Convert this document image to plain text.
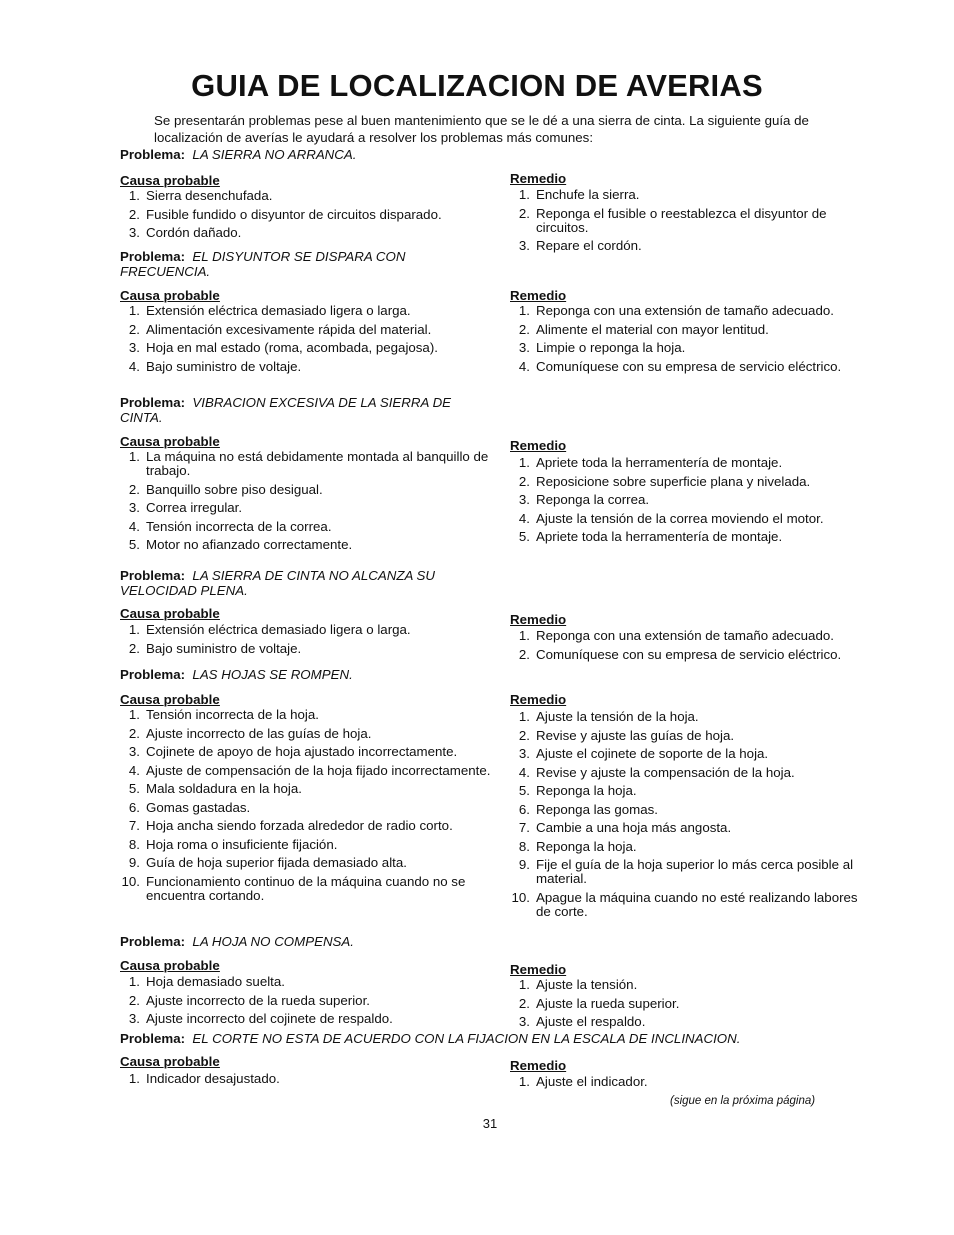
GUIA DE LOCALIZACION DE AVERIAS
Se presentarán problemas pese al buen mantenimiento que se le dé a una sierra de cinta. La siguiente guía de localización de averías le ayudará a resolver los problemas más comunes:
Problema: LA SIERRA NO ARRANCA.
Causa probable
1. Sierra desenchufada.
2. Fusible fundido o disyuntor de circuitos disparado.
3. Cordón dañado.
Remedio
1. Enchufe la sierra.
2. Reponga el fusible o reestablezca el disyuntor de circuitos.
3. Repare el cordón.
Problema: EL DISYUNTOR SE DISPARA CON FRECUENCIA.
Causa probable
1. Extensión eléctrica demasiado ligera o larga.
2. Alimentación excesivamente rápida del material.
3. Hoja en mal estado (roma, acombada, pegajosa).
4. Bajo suministro de voltaje.
Remedio
1. Reponga con una extensión de tamaño adecuado.
2. Alimente el material con mayor lentitud.
3. Limpie o reponga la hoja.
4. Comuníquese con su empresa de servicio eléctrico.
Problema: VIBRACION EXCESIVA DE LA SIERRA DE CINTA.
Causa probable
1. La máquina no está debidamente montada al banquillo de trabajo.
2. Banquillo sobre piso desigual.
3. Correa irregular.
4. Tensión incorrecta de la correa.
5. Motor no afianzado correctamente.
Remedio
1. Apriete toda la herramentería de montaje.
2. Reposicione sobre superficie plana y nivelada.
3. Reponga la correa.
4. Ajuste la tensión de la correa moviendo el motor.
5. Apriete toda la herramentería de montaje.
Problema: LA SIERRA DE CINTA NO ALCANZA SU VELOCIDAD PLENA.
Causa probable
1. Extensión eléctrica demasiado ligera o larga.
2. Bajo suministro de voltaje.
Remedio
1. Reponga con una extensión de tamaño adecuado.
2. Comuníquese con su empresa de servicio eléctrico.
Problema: LAS HOJAS SE ROMPEN.
Causa probable
1. Tensión incorrecta de la hoja.
2. Ajuste incorrecto de las guías de hoja.
3. Cojinete de apoyo de hoja ajustado incorrectamente.
4. Ajuste de compensación de la hoja fijado incorrectamente.
5. Mala soldadura en la hoja.
6. Gomas gastadas.
7. Hoja ancha siendo forzada alrededor de radio corto.
8. Hoja roma o insuficiente fijación.
9. Guía de hoja superior fijada demasiado alta.
10. Funcionamiento continuo de la máquina cuando no se encuentra cortando.
Remedio
1. Ajuste la tensión de la hoja.
2. Revise y ajuste las guías de hoja.
3. Ajuste el cojinete de soporte de la hoja.
4. Revise y ajuste la compensación de la hoja.
5. Reponga la hoja.
6. Reponga las gomas.
7. Cambie a una hoja más angosta.
8. Reponga la hoja.
9. Fije el guía de la hoja superior lo más cerca posible al material.
10. Apague la máquina cuando no esté realizando labores de corte.
Problema: LA HOJA NO COMPENSA.
Causa probable
1. Hoja demasiado suelta.
2. Ajuste incorrecto de la rueda superior.
3. Ajuste incorrecto del cojinete de respaldo.
Remedio
1. Ajuste la tensión.
2. Ajuste la rueda superior.
3. Ajuste el respaldo.
Problema: EL CORTE NO ESTA DE ACUERDO CON LA FIJACION EN LA ESCALA DE INCLINACION.
Causa probable
1. Indicador desajustado.
Remedio
1. Ajuste el indicador.
(sigue en la próxima página)
31
